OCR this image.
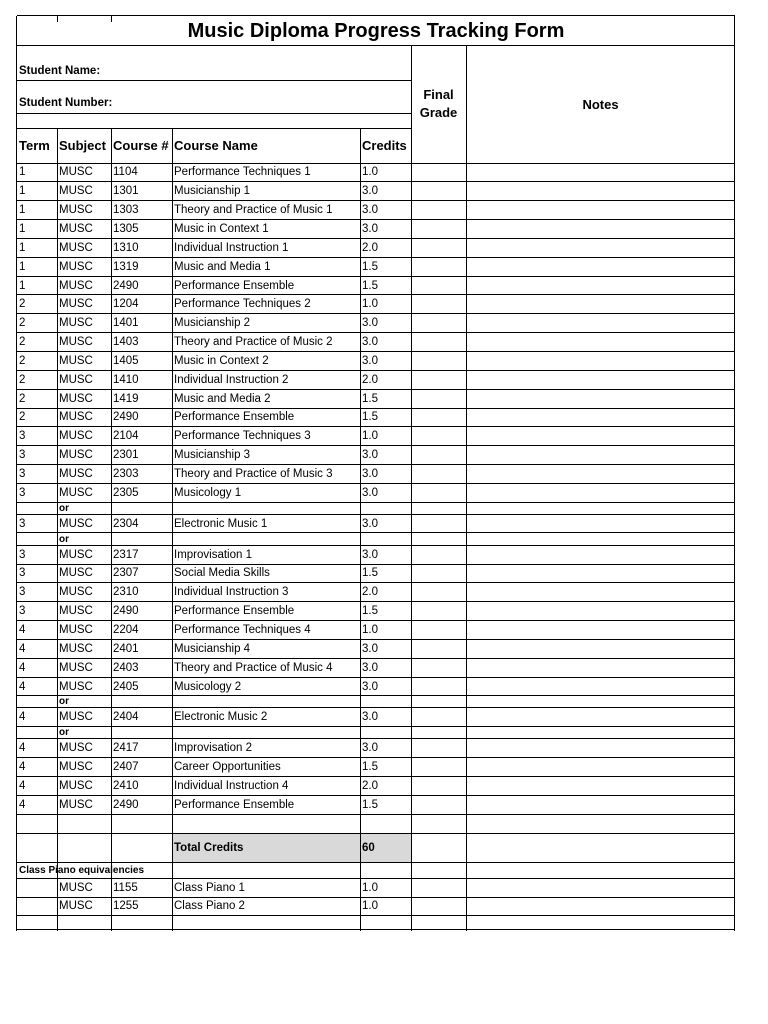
Music Diploma Progress Tracking Form
Student Name:
Student Number:
Final
Grade
Notes
Term Subject Course # Course Name	Credits
1	MUSC 1104	Performance Techniques 1	1.0
1	MUSC 1301	Musicianship 1	3.0
1	MUSC 1303	Theory and Practice of Music 1	3.0
1	MUSC 1305	Music in Context 1	3.0
1	MUSC 1310	Individual Instruction 1	2.0
1	MUSC 1319	Music and Media 1	1.5
1	MUSC 2490	Performance Ensemble	1.5
2	MUSC 1204	Performance Techniques 2	1.0
2	MUSC 1401	Musicianship 2	3.0
2	MUSC 1403	Theory and Practice of Music 2	3.0
2	MUSC 1405	Music in Context 2	3.0
2	MUSC 1410	Individual Instruction 2	2.0
2	MUSC 1419	Music and Media 2	1.5
2	MUSC 2490	Performance Ensemble	1.5
3	MUSC 2104	Performance Techniques 3	1.0
3	MUSC 2301	Musicianship 3	3.0
3	MUSC 2303	Theory and Practice of Music 3	3.0
3	MUSC 2305	Musicology 1	3.0
or
3	MUSC 2304	Electronic Music 1	3.0
or
3	MUSC 2317	Improvisation 1	3.0
3	MUSC 2307	Social Media Skills	1.5
3	MUSC 2310	Individual Instruction 3	2.0
3	MUSC 2490	Performance Ensemble	1.5
4	MUSC 2204	Performance Techniques 4	1.0
4	MUSC 2401	Musicianship 4	3.0
4	MUSC 2403	Theory and Practice of Music 4	3.0
4	MUSC 2405	Musicology 2	3.0
or
4	MUSC 2404	Electronic Music 2	3.0
or
4	MUSC 2417	Improvisation 2	3.0
4	MUSC 2407	Career Opportunities	1.5
4	MUSC 2410	Individual Instruction 4	2.0
4	MUSC 2490	Performance Ensemble	1.5
Total Credits	60
Class Piano equivalencies
MUSC 1155	Class Piano 1	1.0
MUSC 1255	Class Piano 2	1.0
